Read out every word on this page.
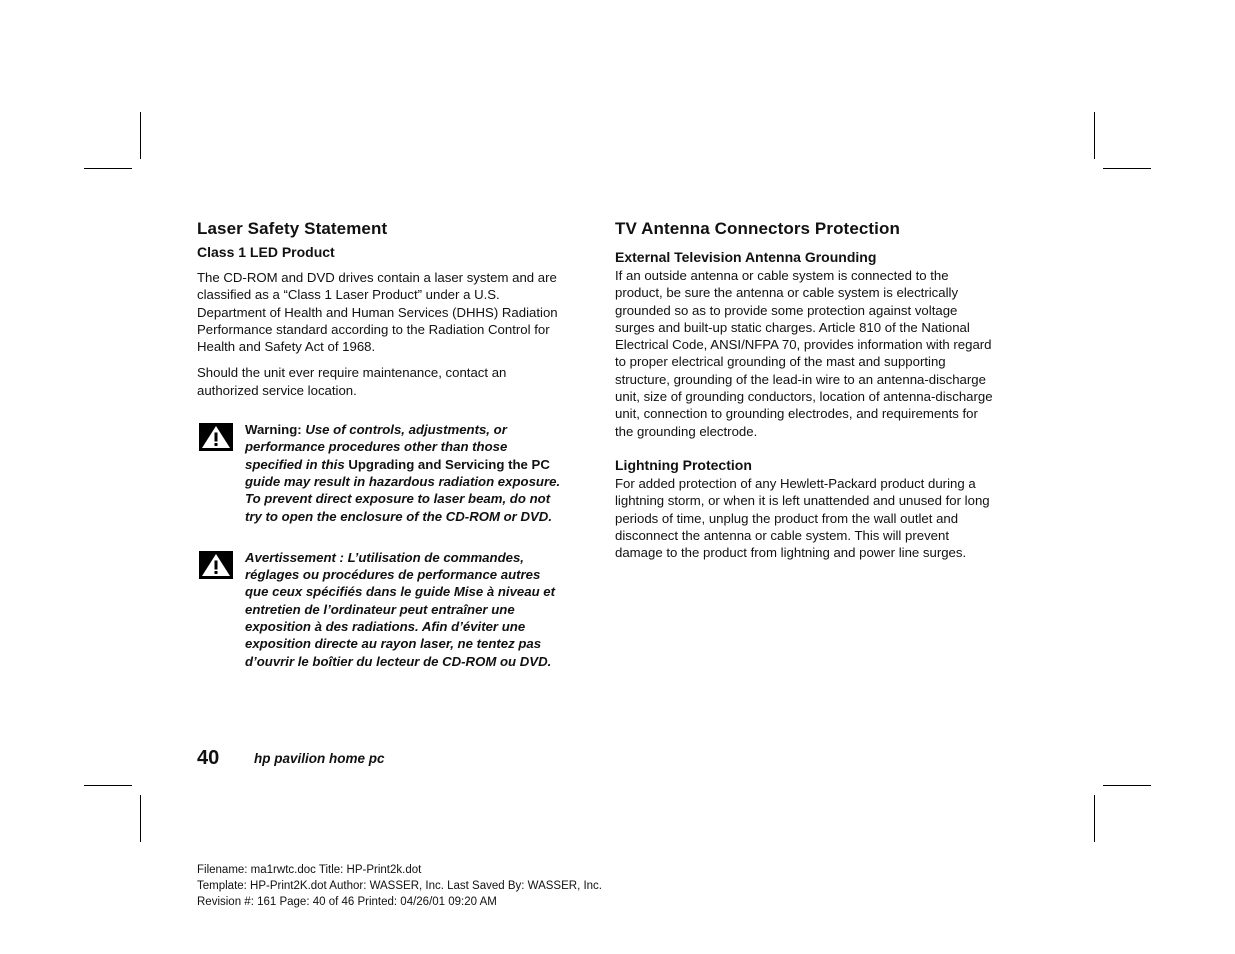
Laser Safety Statement
Class 1 LED Product

The CD-ROM and DVD drives contain a laser system and are classified as a “Class 1 Laser Product” under a U.S. Department of Health and Human Services (DHHS) Radiation Performance standard according to the Radiation Control for Health and Safety Act of 1968.

Should the unit ever require maintenance, contact an authorized service location.

Warning: Use of controls, adjustments, or performance procedures other than those specified in this Upgrading and Servicing the PC guide may result in hazardous radiation exposure. To prevent direct exposure to laser beam, do not try to open the enclosure of the CD-ROM or DVD.
Avertissement : L’utilisation de commandes, réglages ou procédures de performance autres que ceux spécifiés dans le guide Mise à niveau et entretien de l’ordinateur peut entraîner une exposition à des radiations. Afin d’éviter une exposition directe au rayon laser, ne tentez pas d’ouvrir le boîtier du lecteur de CD-ROM ou DVD.
TV Antenna Connectors Protection
External Television Antenna Grounding

If an outside antenna or cable system is connected to the product, be sure the antenna or cable system is electrically grounded so as to provide some protection against voltage surges and built-up static charges. Article 810 of the National Electrical Code, ANSI/NFPA 70, provides information with regard to proper electrical grounding of the mast and supporting structure, grounding of the lead-in wire to an antenna-discharge unit, size of grounding conductors, location of antenna-discharge unit, connection to grounding electrodes, and requirements for the grounding electrode.

Lightning Protection

For added protection of any Hewlett-Packard product during a lightning storm, or when it is left unattended and unused for long periods of time, unplug the product from the wall outlet and disconnect the antenna or cable system. This will prevent damage to the product from lightning and power line surges.

40	hp pavilion home pc
Filename: ma1rwtc.doc Title: HP-Print2k.dot
Template: HP-Print2K.dot Author: WASSER, Inc. Last Saved By: WASSER, Inc.
Revision #: 161 Page: 40 of 46 Printed: 04/26/01 09:20 AM
